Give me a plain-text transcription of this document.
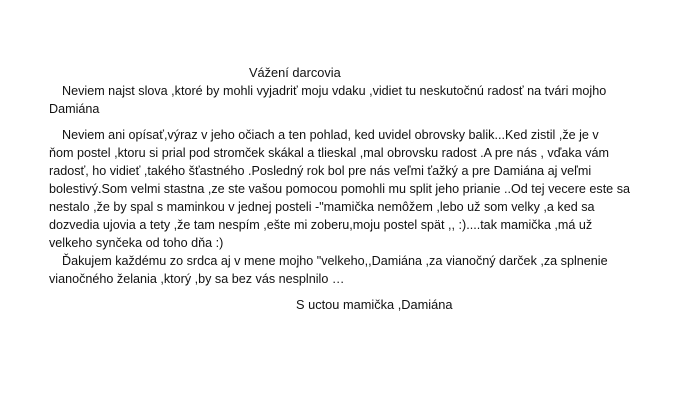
Vážení darcovia
Neviem najst slova ,ktoré by mohli vyjadriť moju vdaku ,vidiet tu neskutočnú radosť na tvári mojho
Damiána
Neviem ani opísať,výraz v jeho očiach a ten pohlad, ked uvidel obrovsky balik...Ked zistil ,že je v
ňom postel ,ktoru si prial pod stromček skákal a tlieskal ,mal obrovsku radost .A pre nás , vďaka vám
radosť, ho vidieť ,takého šťastného .Posledný rok bol pre nás veľmi ťažký a pre Damiána aj veľmi
bolestivý.Som velmi stastna ,ze ste vašou pomocou pomohli mu split jeho prianie ..Od tej vecere este sa
nestalo ,že by spal s maminkou v jednej posteli -"mamička nemôžem ,lebo už som velky ,a ked sa
dozvedia ujovia a tety ,že tam nespím ,ešte mi zoberu,moju postel spät ,, :)....tak mamička ,má už
velkeho synčeka od toho dňa :)
Ďakujem každému zo srdca aj v mene mojho "velkeho,,Damiána ,za vianočný darček ,za splnenie
vianočného želania ,ktorý ,by sa bez vás nesplnilo …
S uctou mamička ,Damiána
